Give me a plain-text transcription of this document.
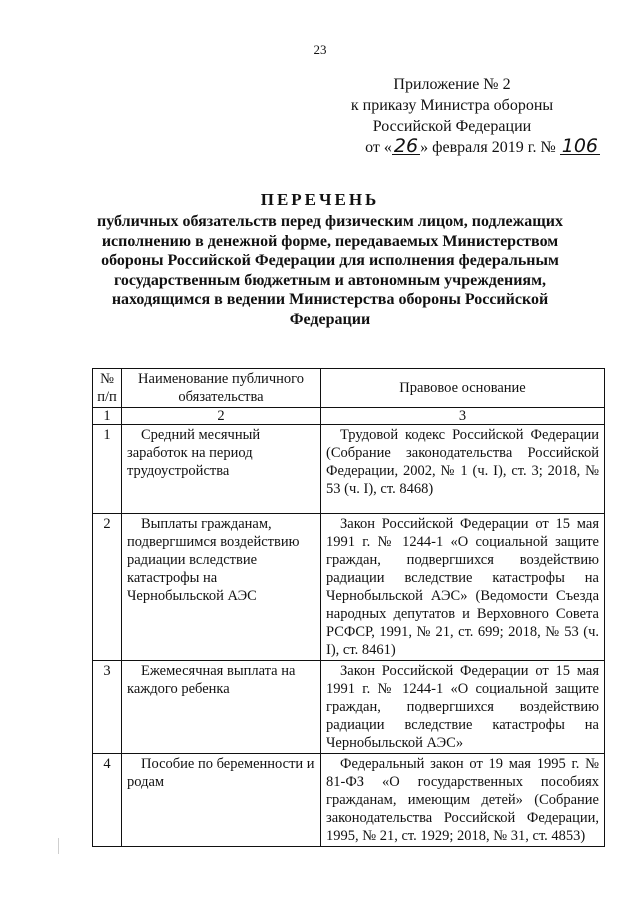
23
Приложение № 2
к приказу Министра обороны
Российской Федерации
от « 26 » февраля 2019 г. № 106
ПЕРЕЧЕНЬ
публичных обязательств перед физическим лицом, подлежащих исполнению в денежной форме, передаваемых Министерством обороны Российской Федерации для исполнения федеральным государственным бюджетным и автономным учреждениям, находящимся в ведении Министерства обороны Российской Федерации
№ п/п	Наименование публичного обязательства	Правовое основание
1	2	3
1	Средний месячный заработок на период трудоустройства	Трудовой кодекс Российской Федерации (Собрание законодательства Российской Федерации, 2002, № 1 (ч. I), ст. 3; 2018, № 53 (ч. I), ст. 8468)

2	Выплаты гражданам, подвергшимся воздействию радиации вследствие катастрофы на Чернобыльской АЭС	Закон Российской Федерации от 15 мая 1991 г. № 1244-1 «О социальной защите граждан, подвергшихся воздействию радиации вследствие катастрофы на Чернобыльской АЭС» (Ведомости Съезда народных депутатов и Верховного Совета РСФСР, 1991, № 21, ст. 699; 2018, № 53 (ч. I), ст. 8461)

3	Ежемесячная выплата на каждого ребенка	Закон Российской Федерации от 15 мая 1991 г. № 1244-1 «О социальной защите граждан, подвергшихся воздействию радиации вследствие катастрофы на Чернобыльской АЭС»

4	Пособие по беременности и родам	Федеральный закон от 19 мая 1995 г. № 81-ФЗ «О государственных пособиях гражданам, имеющим детей» (Собрание законодательства Российской Федерации, 1995, № 21, ст. 1929; 2018, № 31, ст. 4853)
